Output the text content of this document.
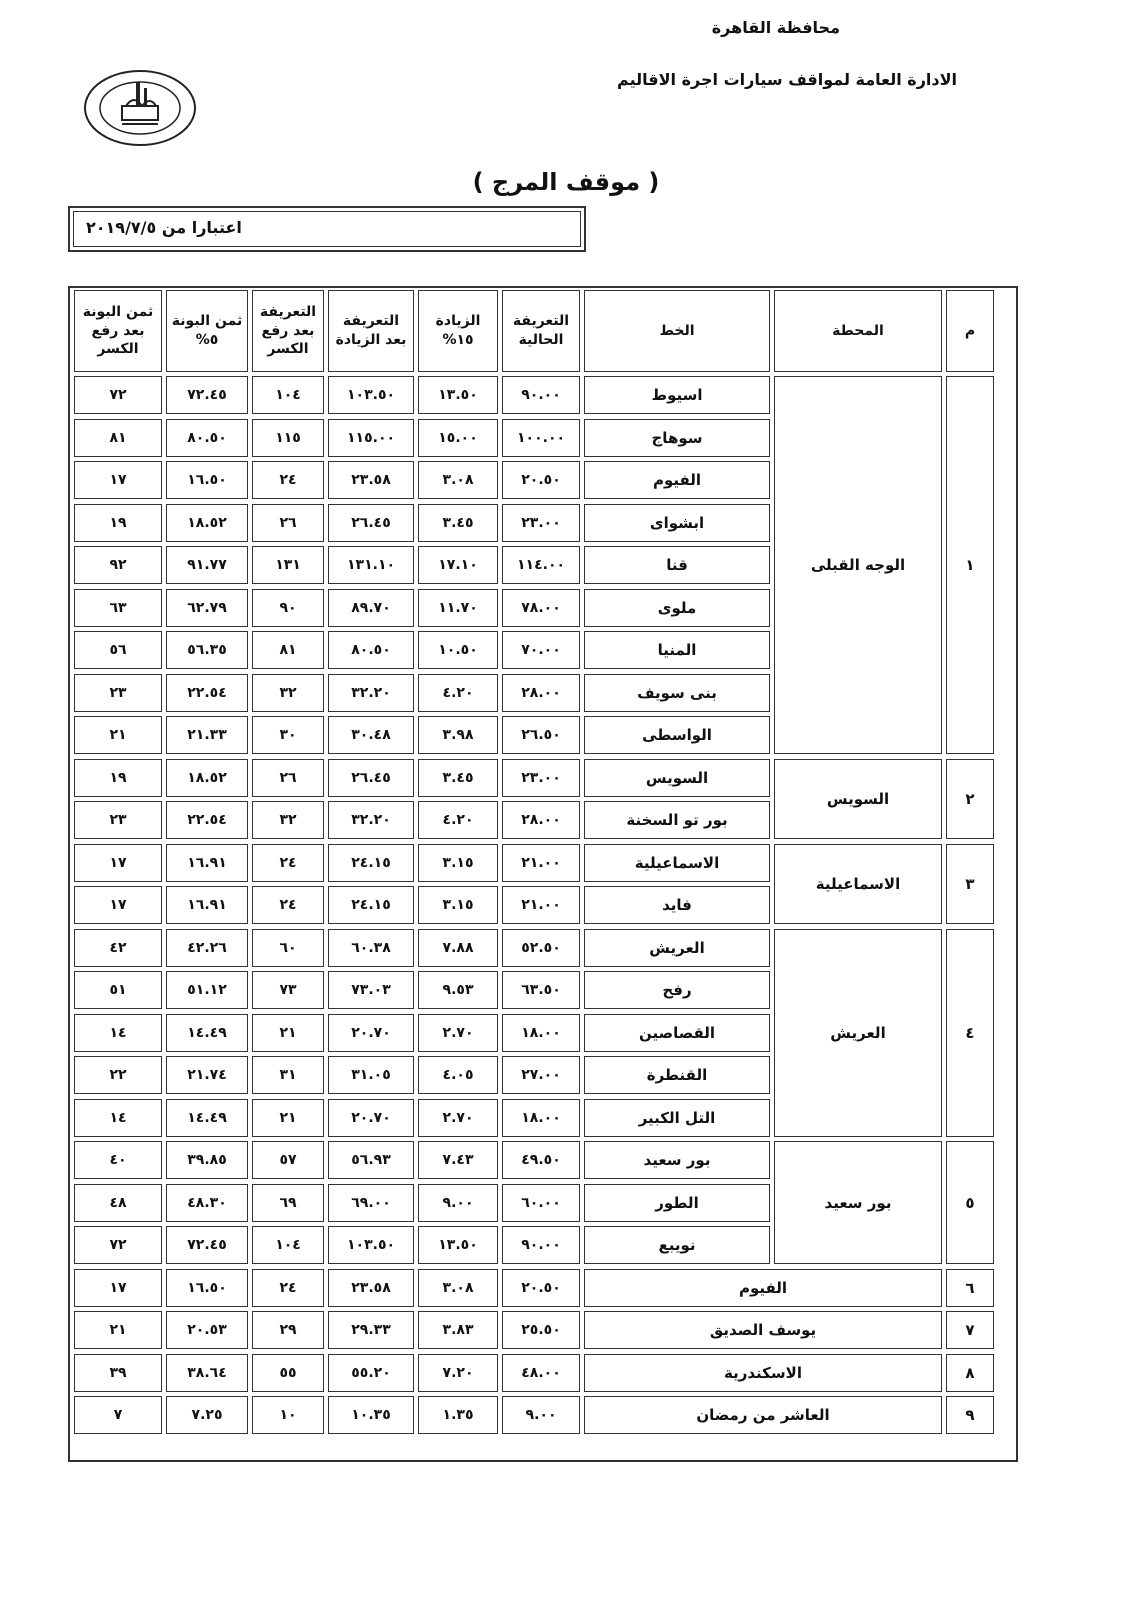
محافظة القاهرة
الادارة العامة لمواقف سيارات اجرة الاقاليم
( موقف المرج )
اعتبارا من ٢٠١٩/٧/٥
م
المحطة
الخط
التعريفة
الحالية
الزيادة
١٥%
التعريفة
بعد الزيادة
التعريفة
بعد رفع
الكسر
ثمن البونة
٥%
ثمن البونة
بعد رفع
الكسر
١
الوجه القبلى
اسيوط
٩٠.٠٠
١٣.٥٠
١٠٣.٥٠
١٠٤
٧٢.٤٥
٧٢
سوهاج
١٠٠.٠٠
١٥.٠٠
١١٥.٠٠
١١٥
٨٠.٥٠
٨١
الفيوم
٢٠.٥٠
٣.٠٨
٢٣.٥٨
٢٤
١٦.٥٠
١٧
ابشواى
٢٣.٠٠
٣.٤٥
٢٦.٤٥
٢٦
١٨.٥٢
١٩
قنا
١١٤.٠٠
١٧.١٠
١٣١.١٠
١٣١
٩١.٧٧
٩٢
ملوى
٧٨.٠٠
١١.٧٠
٨٩.٧٠
٩٠
٦٢.٧٩
٦٣
المنيا
٧٠.٠٠
١٠.٥٠
٨٠.٥٠
٨١
٥٦.٣٥
٥٦
بنى سويف
٢٨.٠٠
٤.٢٠
٣٢.٢٠
٣٢
٢٢.٥٤
٢٣
الواسطى
٢٦.٥٠
٣.٩٨
٣٠.٤٨
٣٠
٢١.٣٣
٢١
٢
السويس
السويس
٢٣.٠٠
٣.٤٥
٢٦.٤٥
٢٦
١٨.٥٢
١٩
بور تو السخنة
٢٨.٠٠
٤.٢٠
٣٢.٢٠
٣٢
٢٢.٥٤
٢٣
٣
الاسماعيلية
الاسماعيلية
٢١.٠٠
٣.١٥
٢٤.١٥
٢٤
١٦.٩١
١٧
فايد
٢١.٠٠
٣.١٥
٢٤.١٥
٢٤
١٦.٩١
١٧
٤
العريش
العريش
٥٢.٥٠
٧.٨٨
٦٠.٣٨
٦٠
٤٢.٢٦
٤٢
رفح
٦٣.٥٠
٩.٥٣
٧٣.٠٣
٧٣
٥١.١٢
٥١
القصاصين
١٨.٠٠
٢.٧٠
٢٠.٧٠
٢١
١٤.٤٩
١٤
القنطرة
٢٧.٠٠
٤.٠٥
٣١.٠٥
٣١
٢١.٧٤
٢٢
التل الكبير
١٨.٠٠
٢.٧٠
٢٠.٧٠
٢١
١٤.٤٩
١٤
٥
بور سعيد
بور سعيد
٤٩.٥٠
٧.٤٣
٥٦.٩٣
٥٧
٣٩.٨٥
٤٠
الطور
٦٠.٠٠
٩.٠٠
٦٩.٠٠
٦٩
٤٨.٣٠
٤٨
نويبع
٩٠.٠٠
١٣.٥٠
١٠٣.٥٠
١٠٤
٧٢.٤٥
٧٢
٦
الفيوم
٢٠.٥٠
٣.٠٨
٢٣.٥٨
٢٤
١٦.٥٠
١٧
٧
يوسف الصديق
٢٥.٥٠
٣.٨٣
٢٩.٣٣
٢٩
٢٠.٥٣
٢١
٨
الاسكندرية
٤٨.٠٠
٧.٢٠
٥٥.٢٠
٥٥
٣٨.٦٤
٣٩
٩
العاشر من رمضان
٩.٠٠
١.٣٥
١٠.٣٥
١٠
٧.٢٥
٧
